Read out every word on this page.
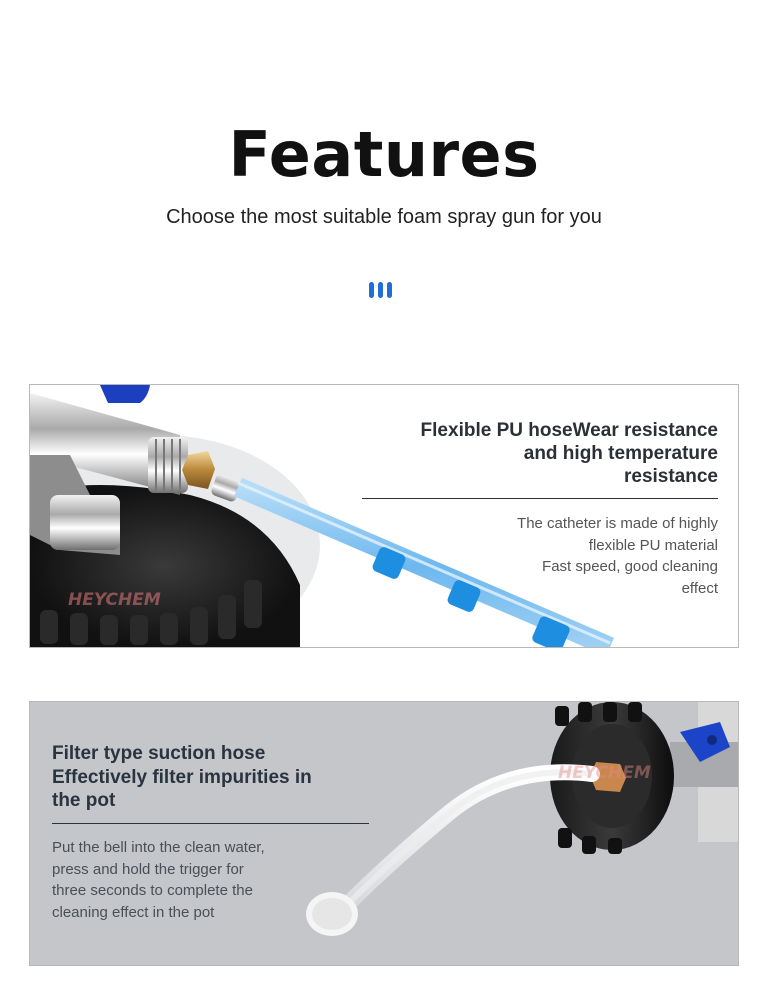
Features
Choose the most suitable foam spray gun for you
HEYCHEM
Flexible PU hoseWear resistance
and high temperature
resistance
The catheter is made of highly
flexible PU material
Fast speed, good cleaning
effect
HEYCHEM
Filter type suction hose
Effectively filter impurities in
the pot
Put the bell into the clean water,
press and hold the trigger for
three seconds to complete the
cleaning effect in the pot
